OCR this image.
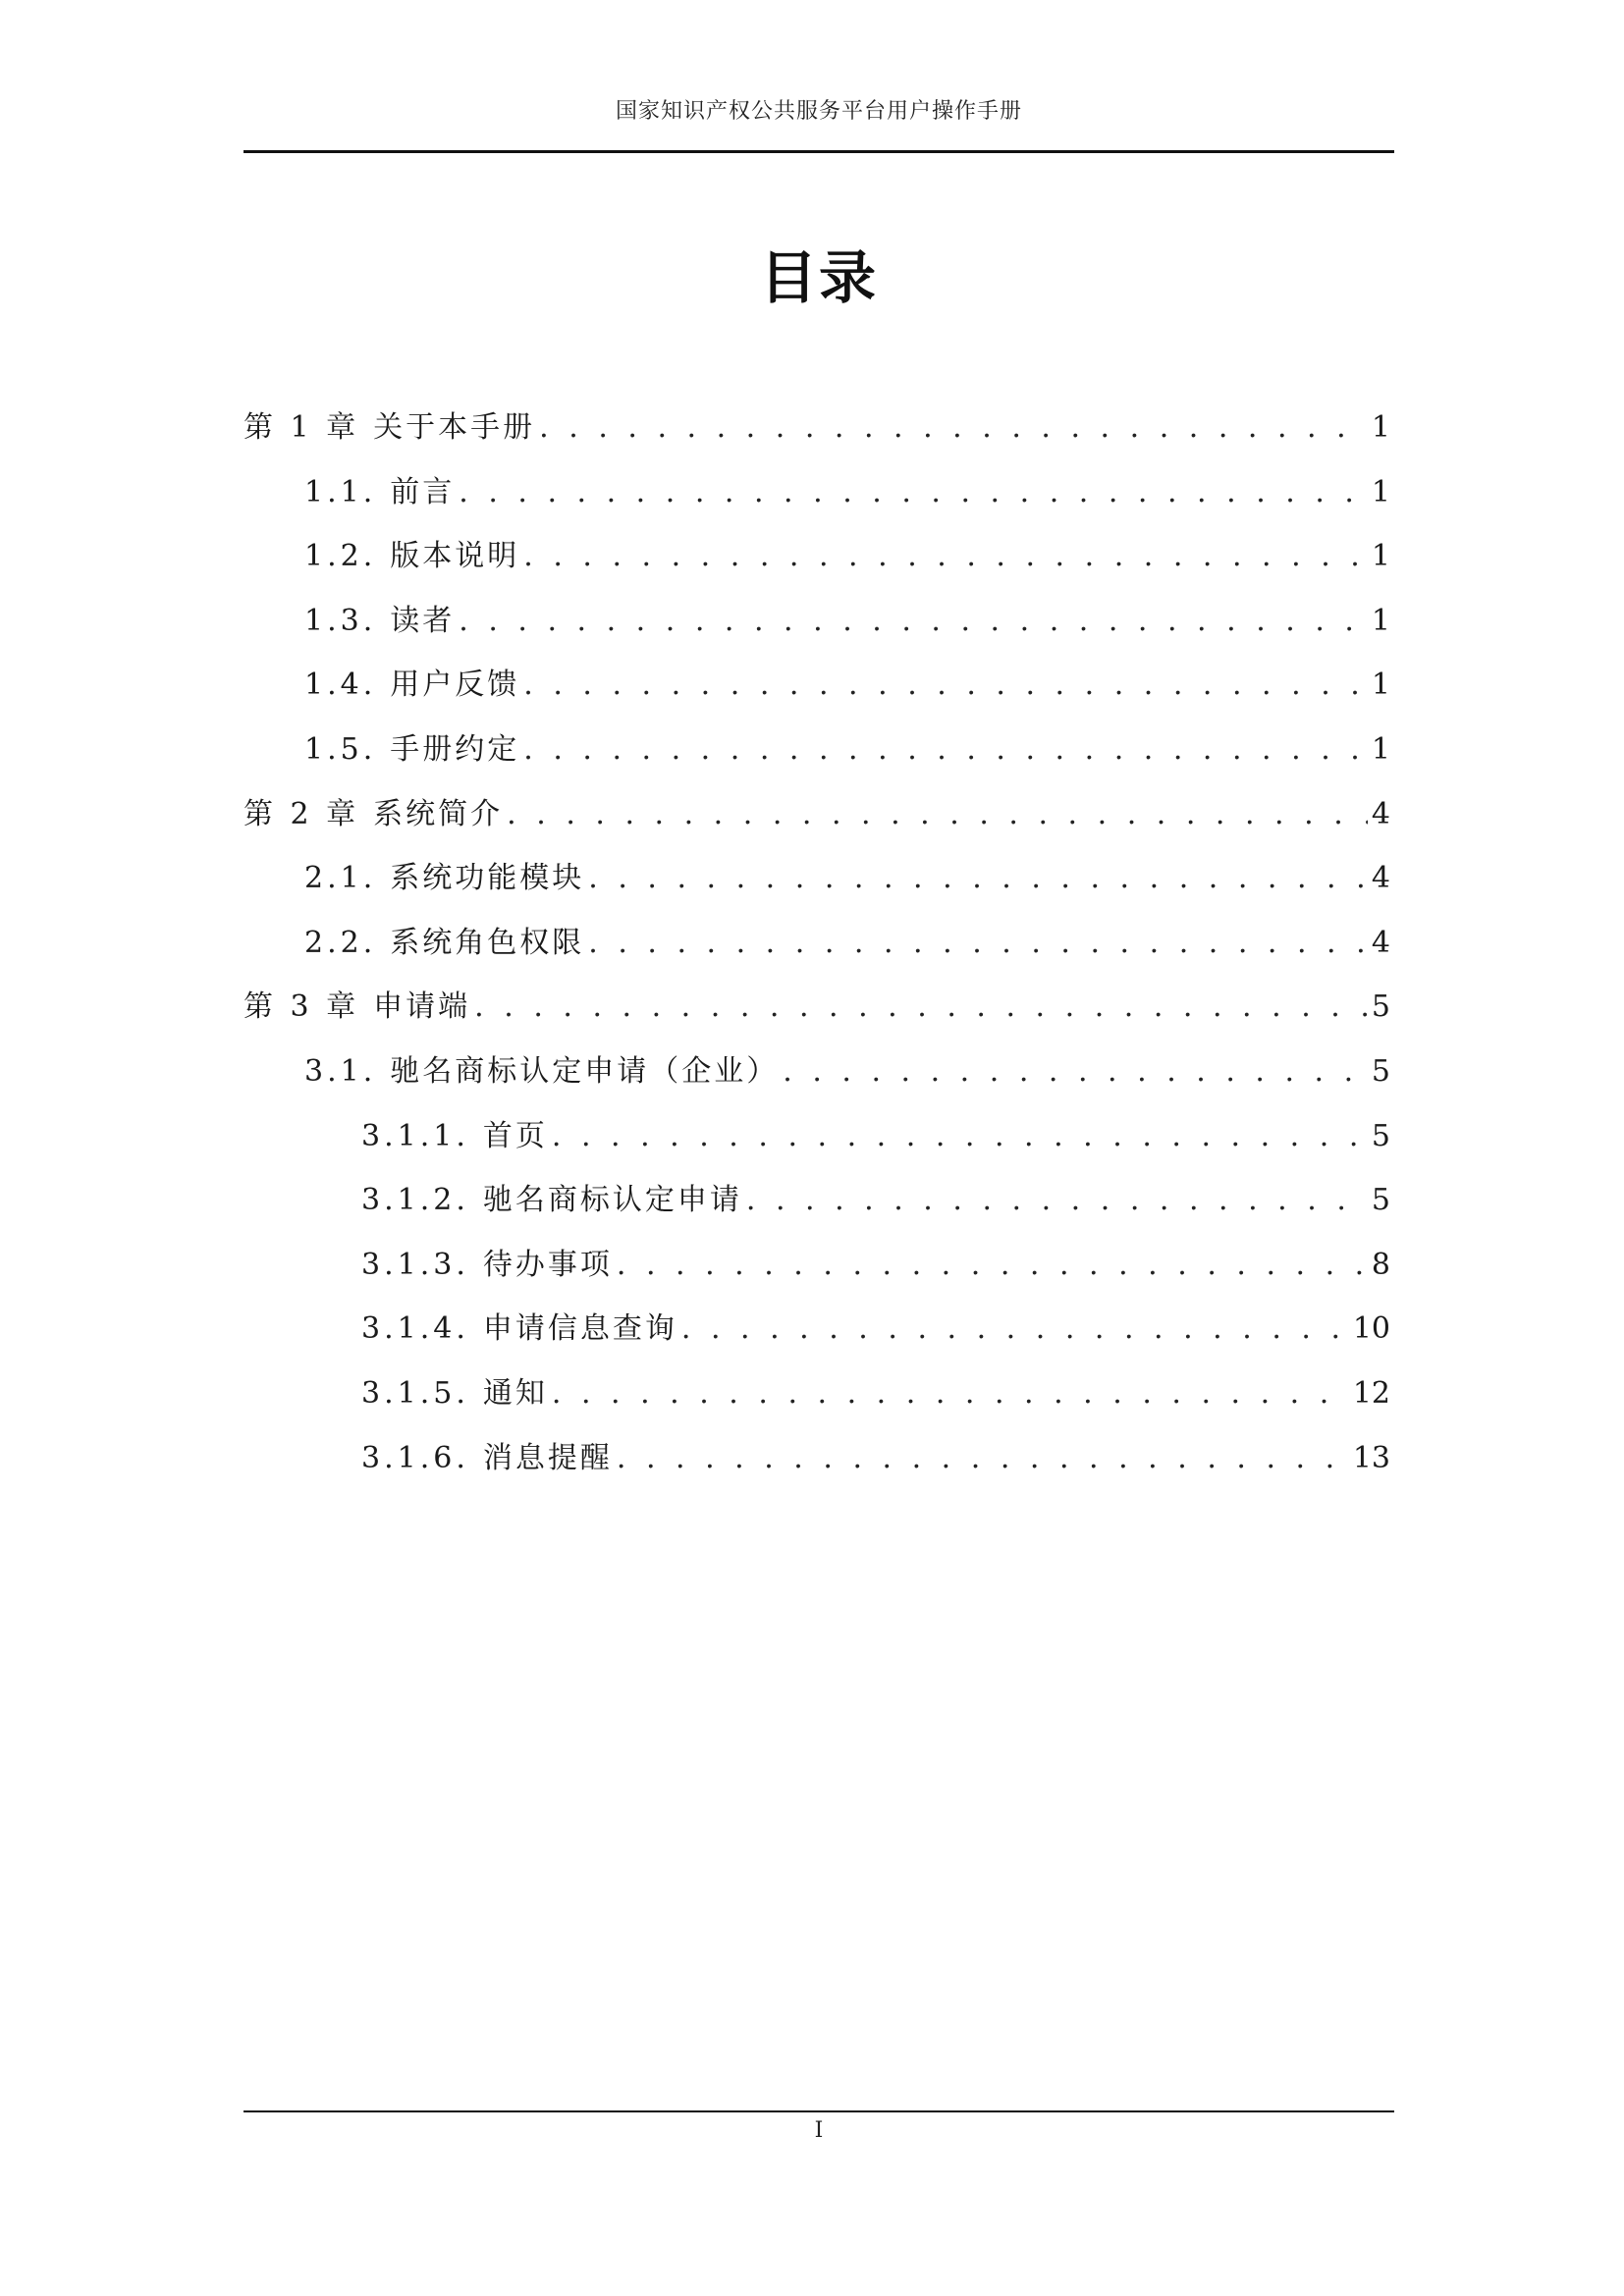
国家知识产权公共服务平台用户操作手册
目录
第 1 章 关于本手册 . . .	1
1.1. 前言 . . .	1
1.2. 版本说明 . . .	1
1.3. 读者 . . .	1
1.4. 用户反馈 . . .	1
1.5. 手册约定 . . .	1
第 2 章 系统简介 . . .	4
2.1. 系统功能模块 . . .	4
2.2. 系统角色权限 . . .	4
第 3 章 申请端 . . .	5
3.1. 驰名商标认定申请（企业） . . .	5
3.1.1. 首页 . . .	5
3.1.2. 驰名商标认定申请 . . .	5
3.1.3. 待办事项 . . .	8
3.1.4. 申请信息查询 . . .	10
3.1.5. 通知 . . .	12
3.1.6. 消息提醒 . . .	13
I
